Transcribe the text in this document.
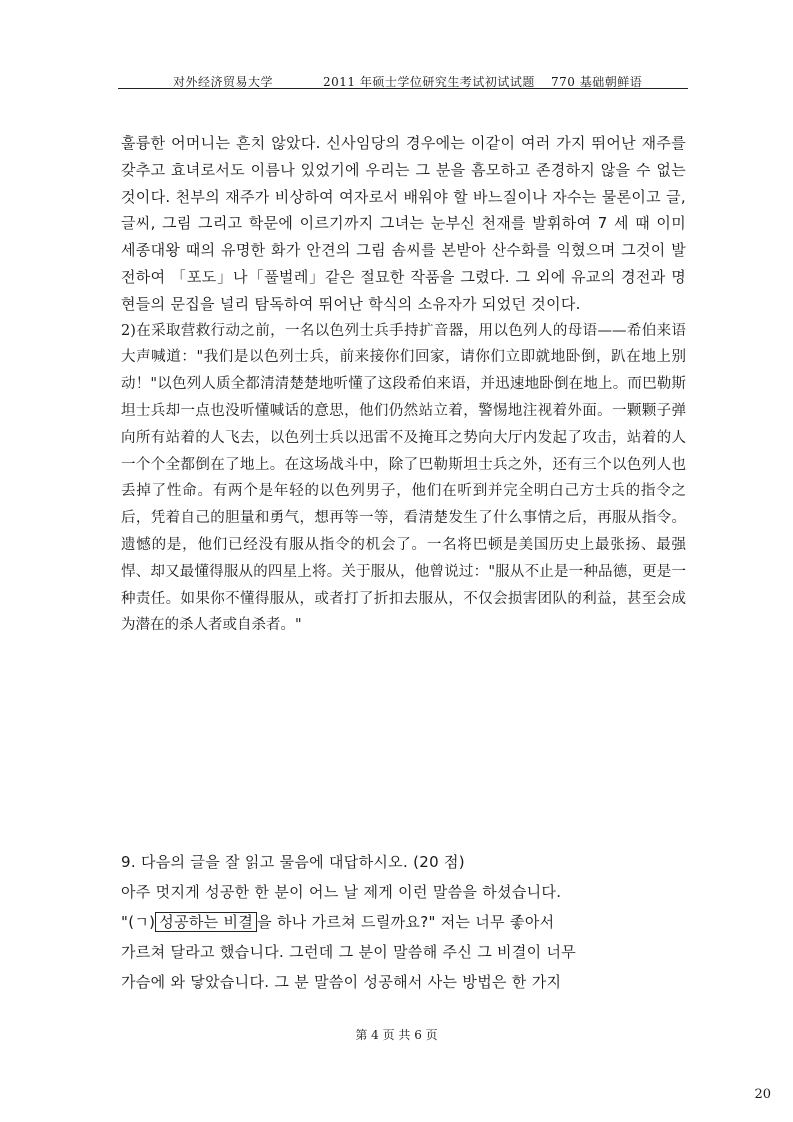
对外经济贸易大学	2011 年硕士学位研究生考试初试试题 770 基础朝鲜语

훌륭한 어머니는 흔치 않았다. 신사임당의 경우에는 이같이 여러 가지 뛰어난 재주를 갖추고 효녀로서도 이름나 있었기에 우리는 그 분을 흠모하고 존경하지 않을 수 없는 것이다. 천부의 재주가 비상하여 여자로서 배워야 할 바느질이나 자수는 물론이고 글, 글씨, 그림 그리고 학문에 이르기까지 그녀는 눈부신 천재를 발휘하여 7 세 때 이미 세종대왕 때의 유명한 화가 안견의 그림 솜씨를 본받아 산수화를 익혔으며 그것이 발전하여 「포도」나「풀벌레」같은 절묘한 작품을 그렸다. 그 외에 유교의 경전과 명현들의 문집을 널리 탐독하여 뛰어난 학식의 소유자가 되었던 것이다.

2)在采取营救行动之前，一名以色列士兵手持扩音器，用以色列人的母语——希伯来语大声喊道："我们是以色列士兵，前来接你们回家，请你们立即就地卧倒，趴在地上别动！"以色列人质全都清清楚楚地听懂了这段希伯来语，并迅速地卧倒在地上。而巴勒斯坦士兵却一点也没听懂喊话的意思，他们仍然站立着，警惕地注视着外面。一颗颗子弹向所有站着的人飞去，以色列士兵以迅雷不及掩耳之势向大厅内发起了攻击，站着的人一个个全都倒在了地上。在这场战斗中，除了巴勒斯坦士兵之外，还有三个以色列人也丢掉了性命。有两个是年轻的以色列男子，他们在听到并完全明白己方士兵的指令之后，凭着自己的胆量和勇气，想再等一等，看清楚发生了什么事情之后，再服从指令。遗憾的是，他们已经没有服从指令的机会了。一名将巴顿是美国历史上最张扬、最强悍、却又最懂得服从的四星上将。关于服从，他曾说过："服从不止是一种品德，更是一种责任。如果你不懂得服从，或者打了折扣去服从，不仅会损害团队的利益，甚至会成为潜在的杀人者或自杀者。"

9. 다음의 글을 잘 읽고 물음에 대답하시오. (20 점)

아주 멋지게 성공한 한 분이 어느 날 제게 이런 말씀을 하셨습니다.

"(ㄱ) 성공하는 비결 을 하나 가르쳐 드릴까요?" 저는 너무 좋아서

가르쳐 달라고 했습니다. 그런데 그 분이 말씀해 주신 그 비결이 너무

가슴에 와 닿았습니다. 그 분 말씀이 성공해서 사는 방법은 한 가지

第 4 页 共 6 页
20
